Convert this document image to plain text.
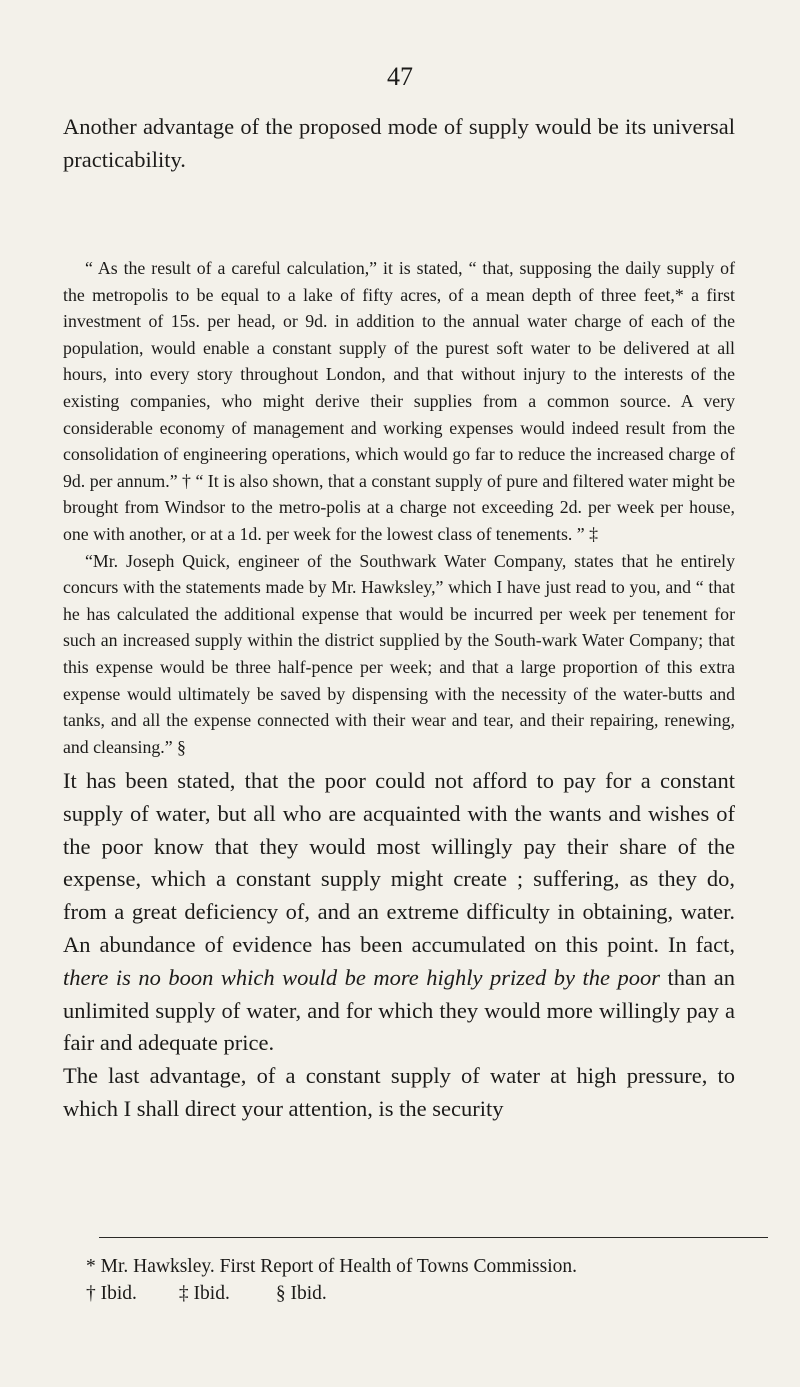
47

Another advantage of the proposed mode of supply would be its universal practicability.

“ As the result of a careful calculation,” it is stated, “ that, supposing the daily supply of the metropolis to be equal to a lake of fifty acres, of a mean depth of three feet,* a first investment of 15s. per head, or 9d. in addition to the annual water charge of each of the population, would enable a constant supply of the purest soft water to be delivered at all hours, into every story throughout London, and that without injury to the interests of the existing companies, who might derive their supplies from a common source. A very considerable economy of management and working expenses would indeed result from the consolidation of engineering operations, which would go far to reduce the increased charge of 9d. per annum.” † “ It is also shown, that a constant supply of pure and filtered water might be brought from Windsor to the metro-polis at a charge not exceeding 2d. per week per house, one with another, or at a 1d. per week for the lowest class of tenements. ” ‡

“Mr. Joseph Quick, engineer of the Southwark Water Company, states that he entirely concurs with the statements made by Mr. Hawksley,” which I have just read to you, and “ that he has calculated the additional expense that would be incurred per week per tenement for such an increased supply within the district supplied by the South-wark Water Company; that this expense would be three half-pence per week; and that a large proportion of this extra expense would ultimately be saved by dispensing with the necessity of the water-butts and tanks, and all the expense connected with their wear and tear, and their repairing, renewing, and cleansing.” §

It has been stated, that the poor could not afford to pay for a constant supply of water, but all who are acquainted with the wants and wishes of the poor know that they would most willingly pay their share of the expense, which a constant supply might create ; suffering, as they do, from a great deficiency of, and an extreme difficulty in obtaining, water. An abundance of evidence has been accumulated on this point. In fact, there is no boon which would be more highly prized by the poor than an unlimited supply of water, and for which they would more willingly pay a fair and adequate price.

The last advantage, of a constant supply of water at high pressure, to which I shall direct your attention, is the security

* Mr. Hawksley. First Report of Health of Towns Commission.
† Ibid. ‡ Ibid. § Ibid.
